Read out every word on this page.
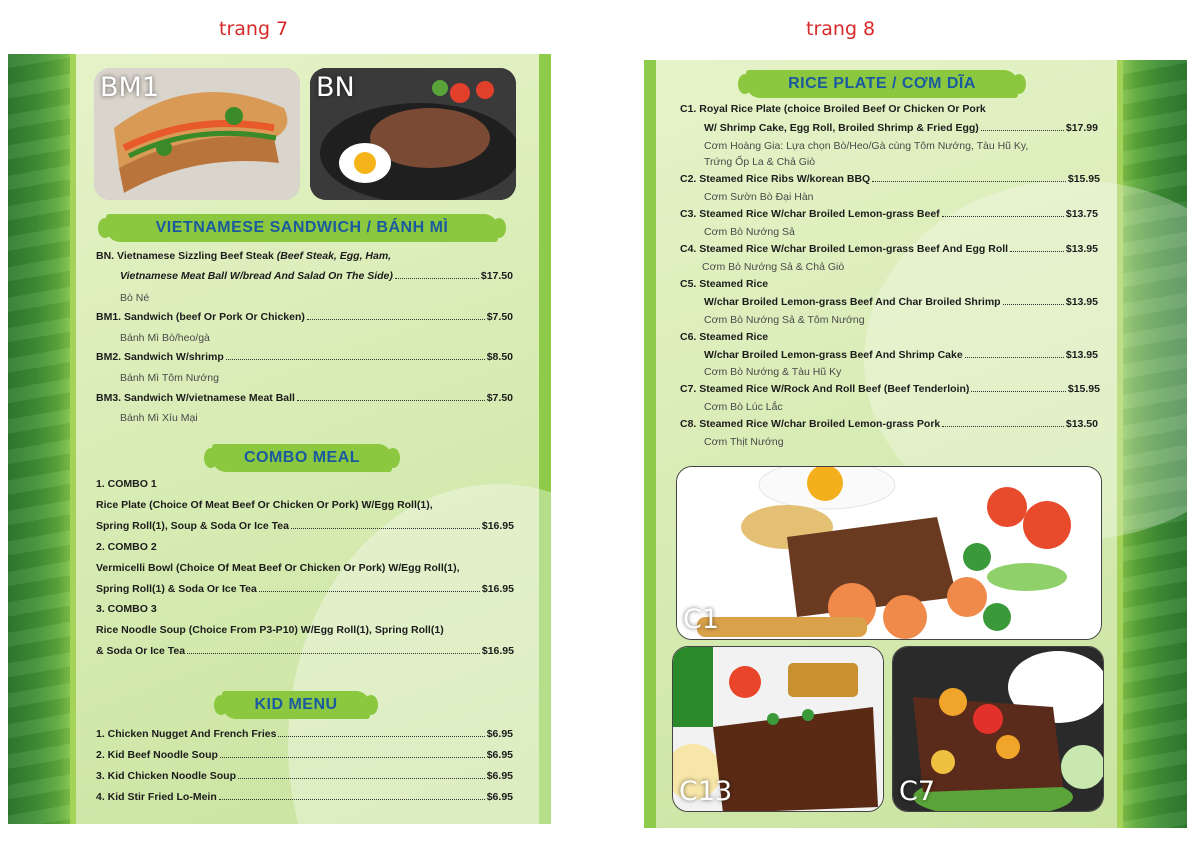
trang 7	trang 8
BM1	BN
VIETNAMESE SANDWICH / BÁNH MÌ
BN. Vietnamese Sizzling Beef Steak
(Beef Steak, Egg, Ham,
Vietnamese Meat Ball W/bread And Salad On The Side)	$17.50
Bò Né
BM1. Sandwich (beef Or Pork Or Chicken)	$7.50
Bánh Mì Bò/heo/gà
BM2. Sandwich W/shrimp	$8.50
Bánh Mì Tôm Nướng
BM3. Sandwich W/vietnamese Meat Ball	$7.50
Bánh Mì Xíu Mại
COMBO MEAL
1. COMBO 1
Rice Plate (Choice Of Meat Beef Or Chicken Or Pork) W/Egg Roll(1),
Spring Roll(1), Soup & Soda Or Ice Tea	$16.95
2. COMBO 2
Vermicelli Bowl (Choice Of Meat Beef Or Chicken Or Pork) W/Egg Roll(1),
Spring Roll(1) & Soda Or Ice Tea	$16.95
3. COMBO 3
Rice Noodle Soup (Choice From P3-P10) W/Egg Roll(1), Spring Roll(1)
& Soda Or Ice Tea	$16.95
KID MENU
1. Chicken Nugget And French Fries	$6.95
2. Kid Beef Noodle Soup	$6.95
3. Kid Chicken Noodle Soup	$6.95
4. Kid Stir Fried Lo-Mein	$6.95
RICE PLATE / CƠM DĨA
C1. Royal Rice Plate (choice Broiled Beef Or Chicken Or Pork
W/ Shrimp Cake, Egg Roll, Broiled Shrimp & Fried Egg)	$17.99
Cơm Hoàng Gia: Lựa chọn Bò/Heo/Gà cùng Tôm Nướng, Tàu Hũ Ky,
Trứng Ốp La & Chả Giò
C2. Steamed Rice Ribs W/korean BBQ	$15.95
Cơm Sườn Bò Đại Hàn
C3. Steamed Rice W/char Broiled Lemon-grass Beef	$13.75
Cơm Bò Nướng Sả
C4. Steamed Rice W/char Broiled Lemon-grass Beef And Egg Roll	$13.95
Cơm Bò Nướng Sả & Chả Giò
C5. Steamed Rice
W/char Broiled Lemon-grass Beef And Char Broiled Shrimp	$13.95
Cơm Bò Nướng Sả & Tôm Nướng
C6. Steamed Rice
W/char Broiled Lemon-grass Beef And Shrimp Cake	$13.95
Cơm Bò Nướng & Tàu Hũ Ky
C7. Steamed Rice W/Rock And Roll Beef (Beef Tenderloin)	$15.95
Cơm Bò Lúc Lắc
C8. Steamed Rice W/char Broiled Lemon-grass Pork	$13.50
Cơm Thịt Nướng
C1
C13	C7
